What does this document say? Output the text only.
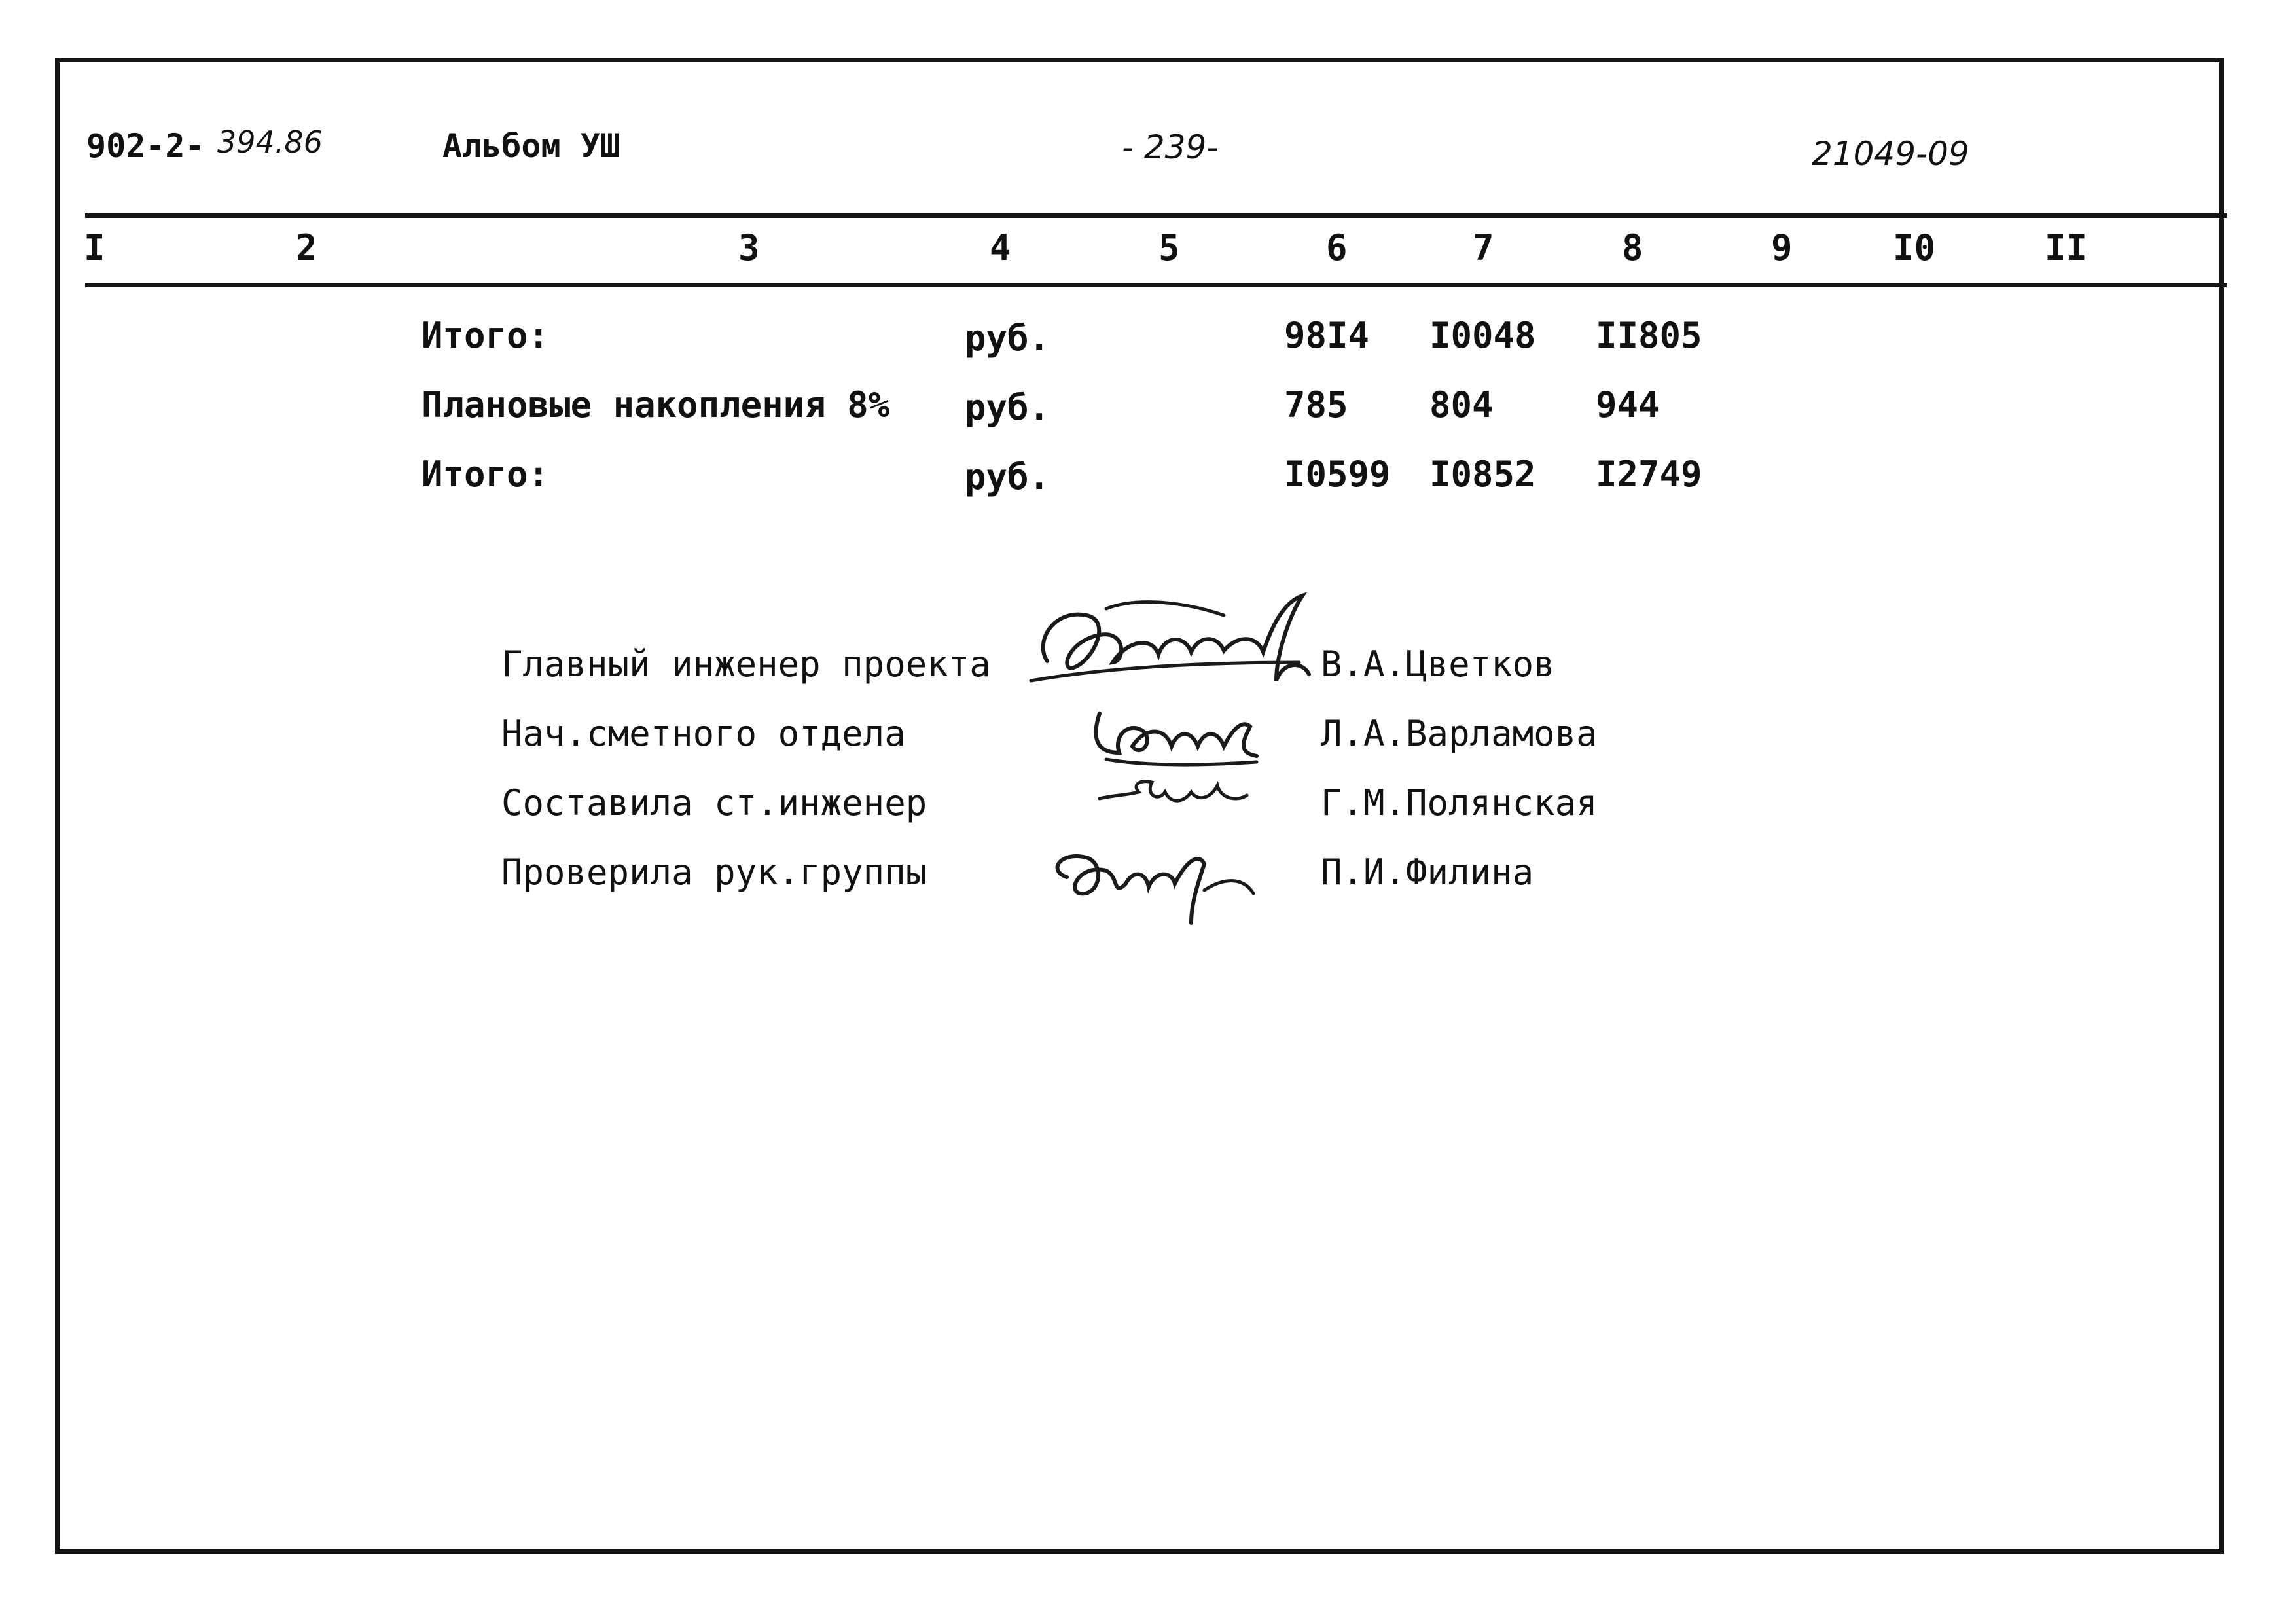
902-2- 394.86	Альбом УШ	- 239-	21049-09
I	2	3	4	5	6	7	8	9	I0	II
Итого:	руб.	98I4 I0048 II805
Плановые накопления 8% руб.	785 804	944
Итого:	руб.	I0599 I0852 I2749
Главный инженер проекта	В.А.Цветков
Нач.сметного отдела	Л.А.Варламова
Составила ст.инженер	Г.М.Полянская
Проверила рук.группы	П.И.Филина
